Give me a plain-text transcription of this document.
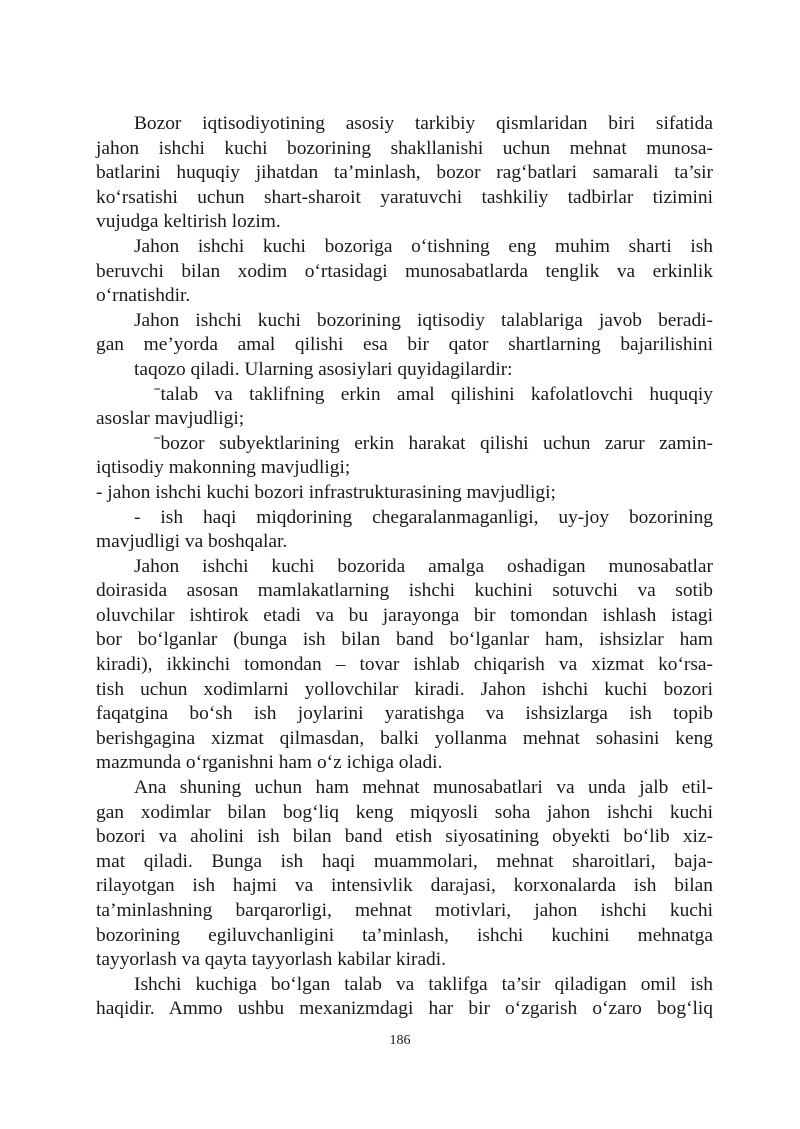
Bozor iqtisodiyotining asosiy tarkibiy qismlaridan biri sifatida
jahon ishchi kuchi bozorining shakllanishi uchun mehnat munosa-
batlarini huquqiy jihatdan ta’minlash, bozor rag‘batlari samarali ta’sir
ko‘rsatishi uchun shart-sharoit yaratuvchi tashkiliy tadbirlar tizimini
vujudga keltirish lozim.
Jahon ishchi kuchi bozoriga o‘tishning eng muhim sharti ish
beruvchi bilan xodim o‘rtasidagi munosabatlarda tenglik va erkinlik
o‘rnatishdir.
Jahon ishchi kuchi bozorining iqtisodiy talablariga javob beradi-
gan me’yorda amal qilishi esa bir qator shartlarning bajarilishini
taqozo qiladi. Ularning asosiylari quyidagilardir:
ˉtalab va taklifning erkin amal qilishini kafolatlovchi huquqiy
asoslar mavjudligi;
ˉbozor subyektlarining erkin harakat qilishi uchun zarur zamin-
iqtisodiy makonning mavjudligi;
- jahon ishchi kuchi bozori infrastrukturasining mavjudligi;
- ish haqi miqdorining chegaralanmaganligi, uy-joy bozorining
mavjudligi va boshqalar.
Jahon ishchi kuchi bozorida amalga oshadigan munosabatlar
doirasida asosan mamlakatlarning ishchi kuchini sotuvchi va sotib
oluvchilar ishtirok etadi va bu jarayonga bir tomondan ishlash istagi
bor bo‘lganlar (bunga ish bilan band bo‘lganlar ham, ishsizlar ham
kiradi), ikkinchi tomondan – tovar ishlab chiqarish va xizmat ko‘rsa-
tish uchun xodimlarni yollovchilar kiradi. Jahon ishchi kuchi bozori
faqatgina bo‘sh ish joylarini yaratishga va ishsizlarga ish topib
berishgagina xizmat qilmasdan, balki yollanma mehnat sohasini keng
mazmunda o‘rganishni ham o‘z ichiga oladi.
Ana shuning uchun ham mehnat munosabatlari va unda jalb etil-
gan xodimlar bilan bog‘liq keng miqyosli soha jahon ishchi kuchi
bozori va aholini ish bilan band etish siyosatining obyekti bo‘lib xiz-
mat qiladi. Bunga ish haqi muammolari, mehnat sharoitlari, baja-
rilayotgan ish hajmi va intensivlik darajasi, korxonalarda ish bilan
ta’minlashning barqarorligi, mehnat motivlari, jahon ishchi kuchi
bozorining egiluvchanligini ta’minlash, ishchi kuchini mehnatga
tayyorlash va qayta tayyorlash kabilar kiradi.
Ishchi kuchiga bo‘lgan talab va taklifga ta’sir qiladigan omil ish
haqidir. Ammo ushbu mexanizmdagi har bir o‘zgarish o‘zaro bog‘liq
186
